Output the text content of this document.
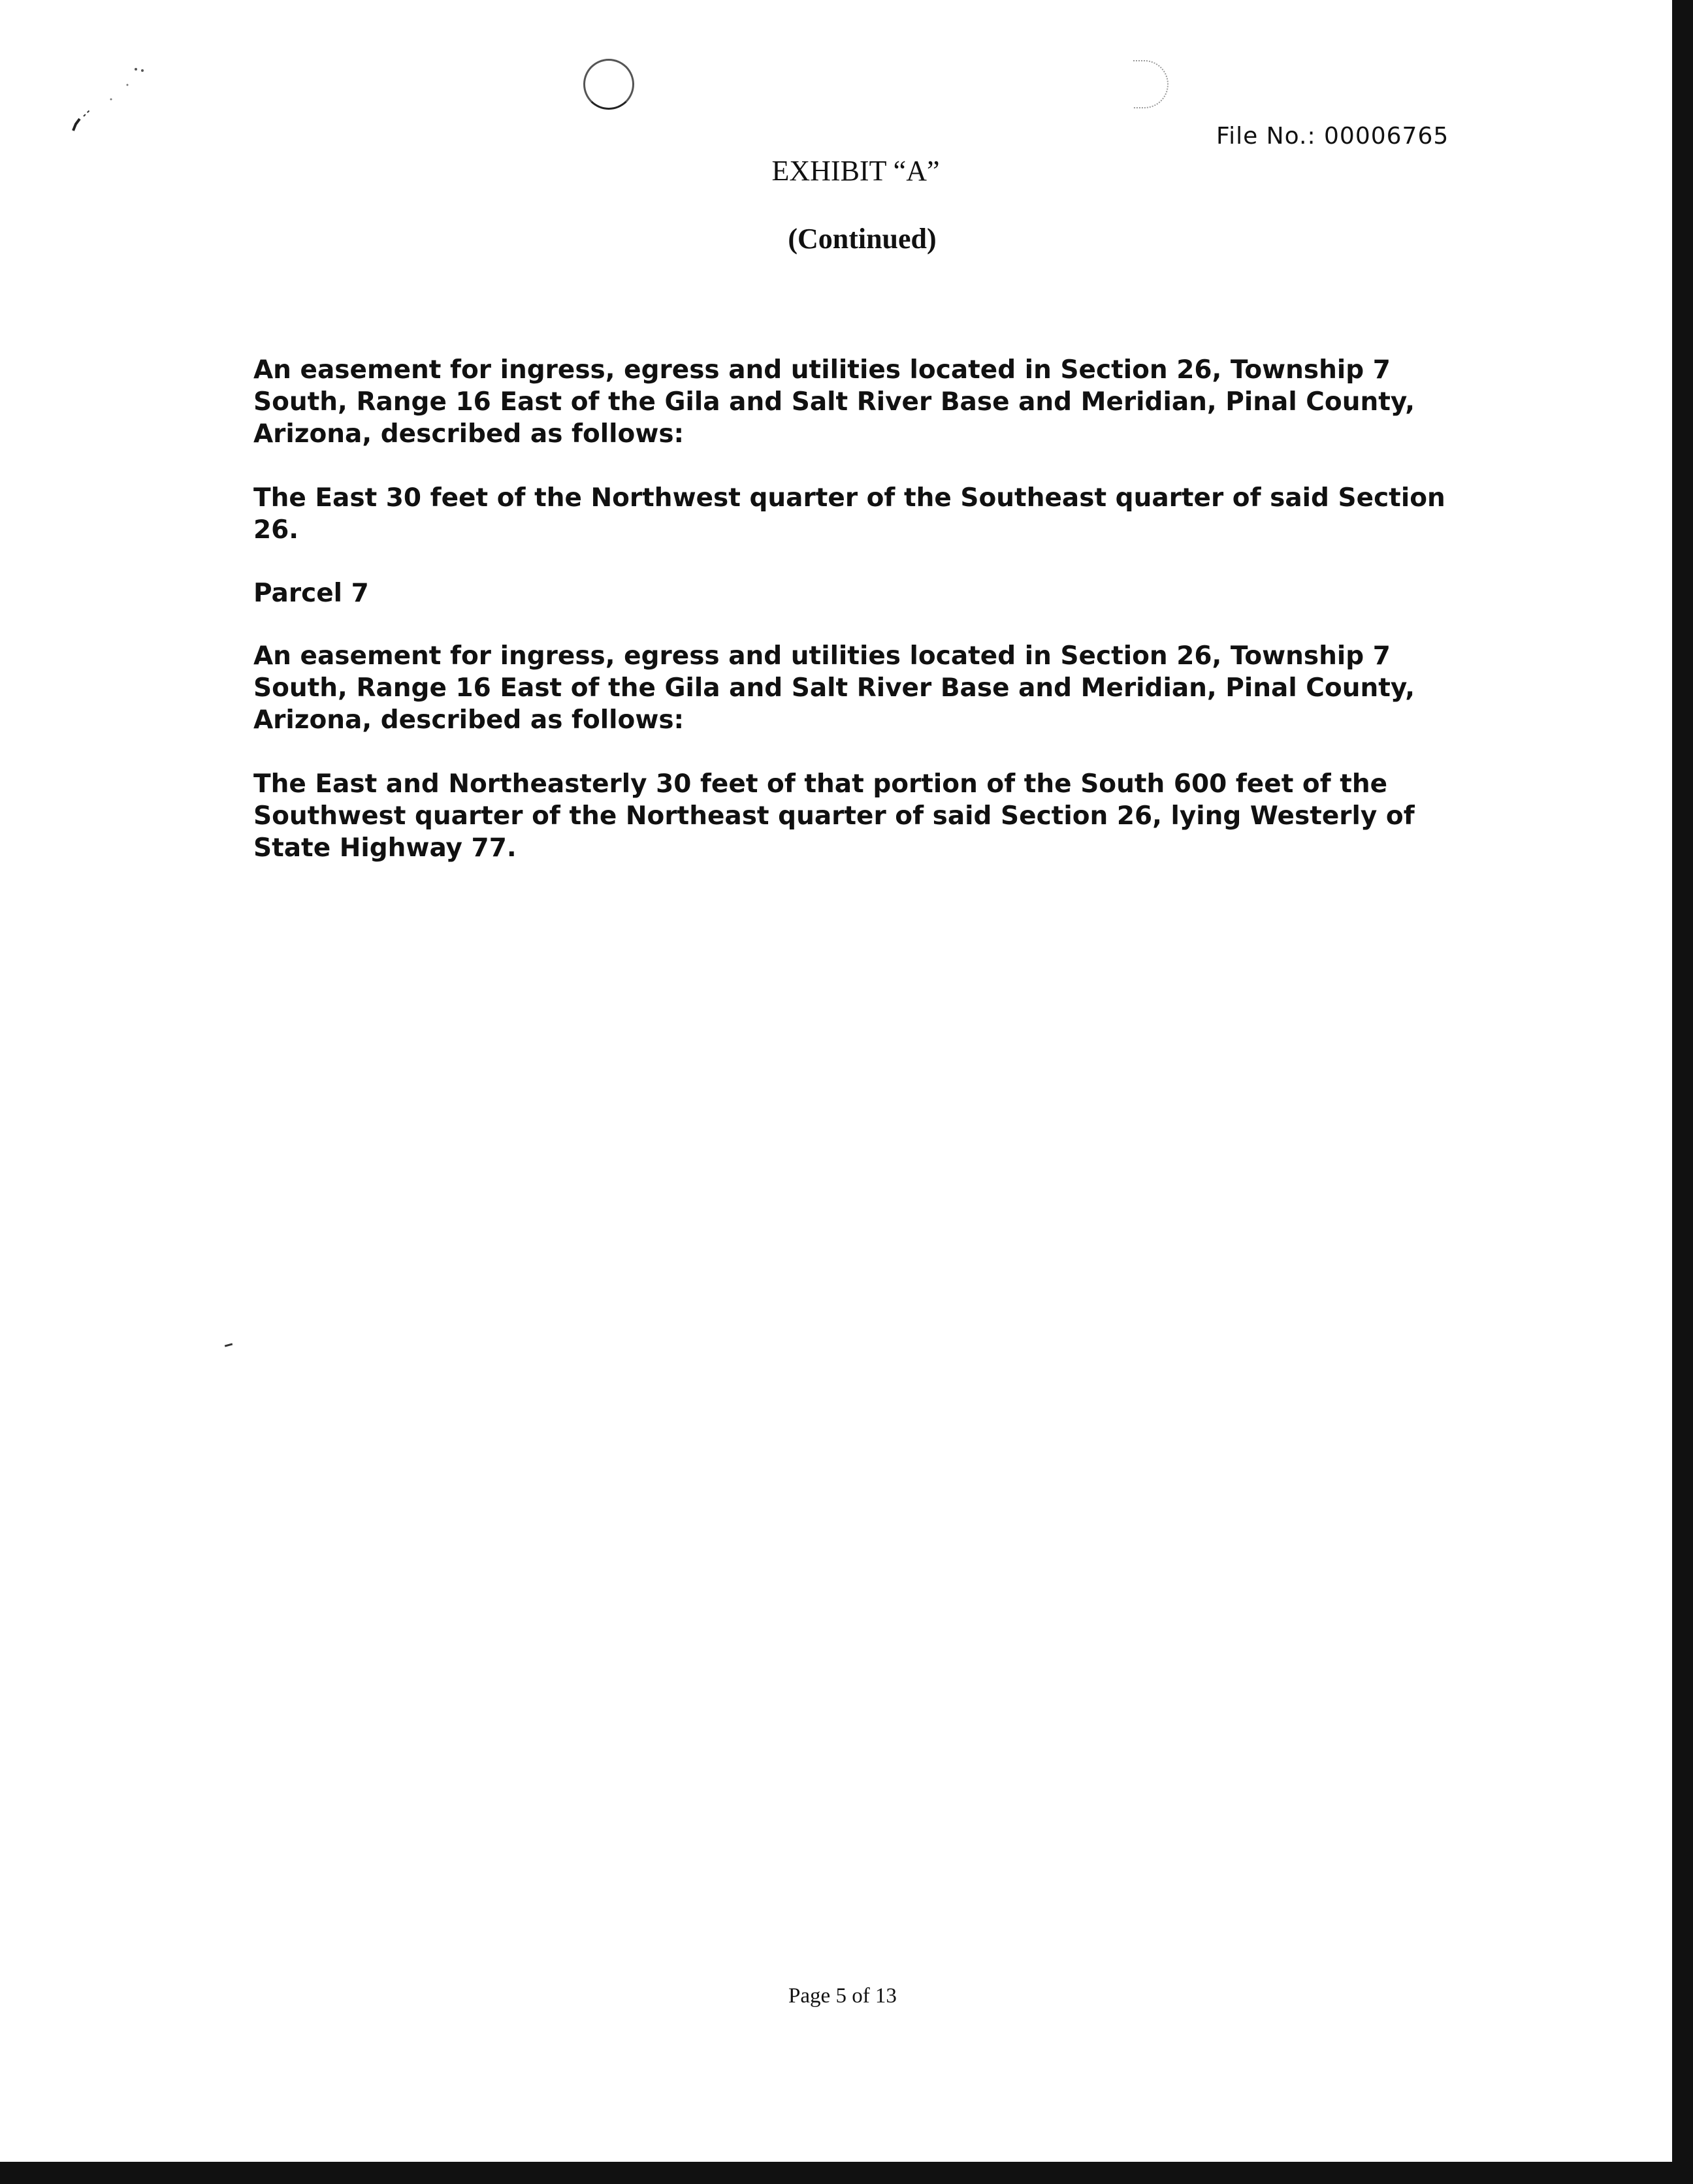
File No.: 00006765
EXHIBIT “A”
(Continued)
An easement for ingress, egress and utilities located in Section 26, Township 7 South, Range 16 East of the Gila and Salt River Base and Meridian, Pinal County, Arizona, described as follows:
The East 30 feet of the Northwest quarter of the Southeast quarter of said Section 26.
Parcel 7
An easement for ingress, egress and utilities located in Section 26, Township 7 South, Range 16 East of the Gila and Salt River Base and Meridian, Pinal County, Arizona, described as follows:
The East and Northeasterly 30 feet of that portion of the South 600 feet of the Southwest quarter of the Northeast quarter of said Section 26, lying Westerly of State Highway 77.
Page 5 of 13
